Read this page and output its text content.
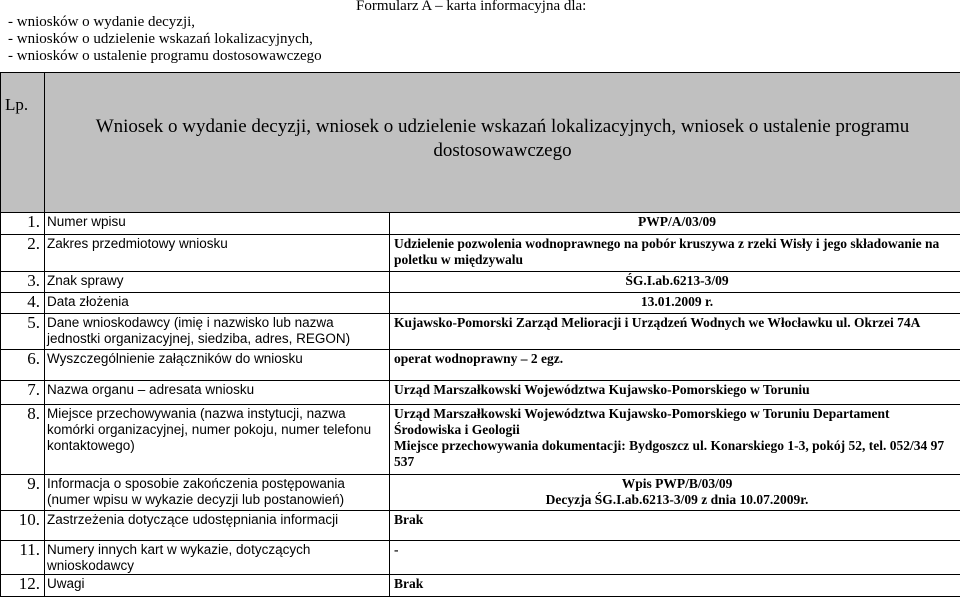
- wniosków o wydanie decyzji,
- wniosków o udzielenie wskazań lokalizacyjnych,
- wniosków o ustalenie programu dostosowawczego
Formularz A – karta informacyjna dla:
Lp.	Wniosek o wydanie decyzji, wniosek o udzielenie wskazań lokalizacyjnych, wniosek o ustalenie programu dostosowawczego	
1.	Numer wpisu	PWP/A/03/09
2.	Zakres przedmiotowy wniosku	Udzielenie pozwolenia wodnoprawnego na pobór kruszywa z rzeki Wisły i jego składowanie na poletku w międzywalu
3.	Znak sprawy	ŚG.I.ab.6213-3/09
4.	Data złożenia	13.01.2009 r.
5.	Dane wnioskodawcy (imię i nazwisko lub nazwa jednostki organizacyjnej, siedziba, adres, REGON)	Kujawsko-Pomorski Zarząd Melioracji i Urządzeń Wodnych we Włocławku ul. Okrzei 74A
6.	Wyszczególnienie załączników do wniosku	operat wodnoprawny – 2 egz.
7.	Nazwa organu – adresata wniosku	Urząd Marszałkowski Województwa Kujawsko-Pomorskiego w Toruniu
8.	Miejsce przechowywania (nazwa instytucji, nazwa komórki organizacyjnej, numer pokoju, numer telefonu kontaktowego)	Urząd Marszałkowski Województwa Kujawsko-Pomorskiego w Toruniu Departament Środowiska i Geologii
Miejsce przechowywania dokumentacji: Bydgoszcz ul. Konarskiego 1-3, pokój 52, tel. 052/34 97 537

9.	Informacja o sposobie zakończenia postępowania (numer wpisu w wykazie decyzji lub postanowień)	Wpis PWP/B/03/09
Decyzja ŚG.I.ab.6213-3/09 z dnia 10.07.2009r.

10.	Zastrzeżenia dotyczące udostępniania informacji	Brak
11.	Numery innych kart w wykazie, dotyczących wnioskodawcy	-
12.	Uwagi	Brak
